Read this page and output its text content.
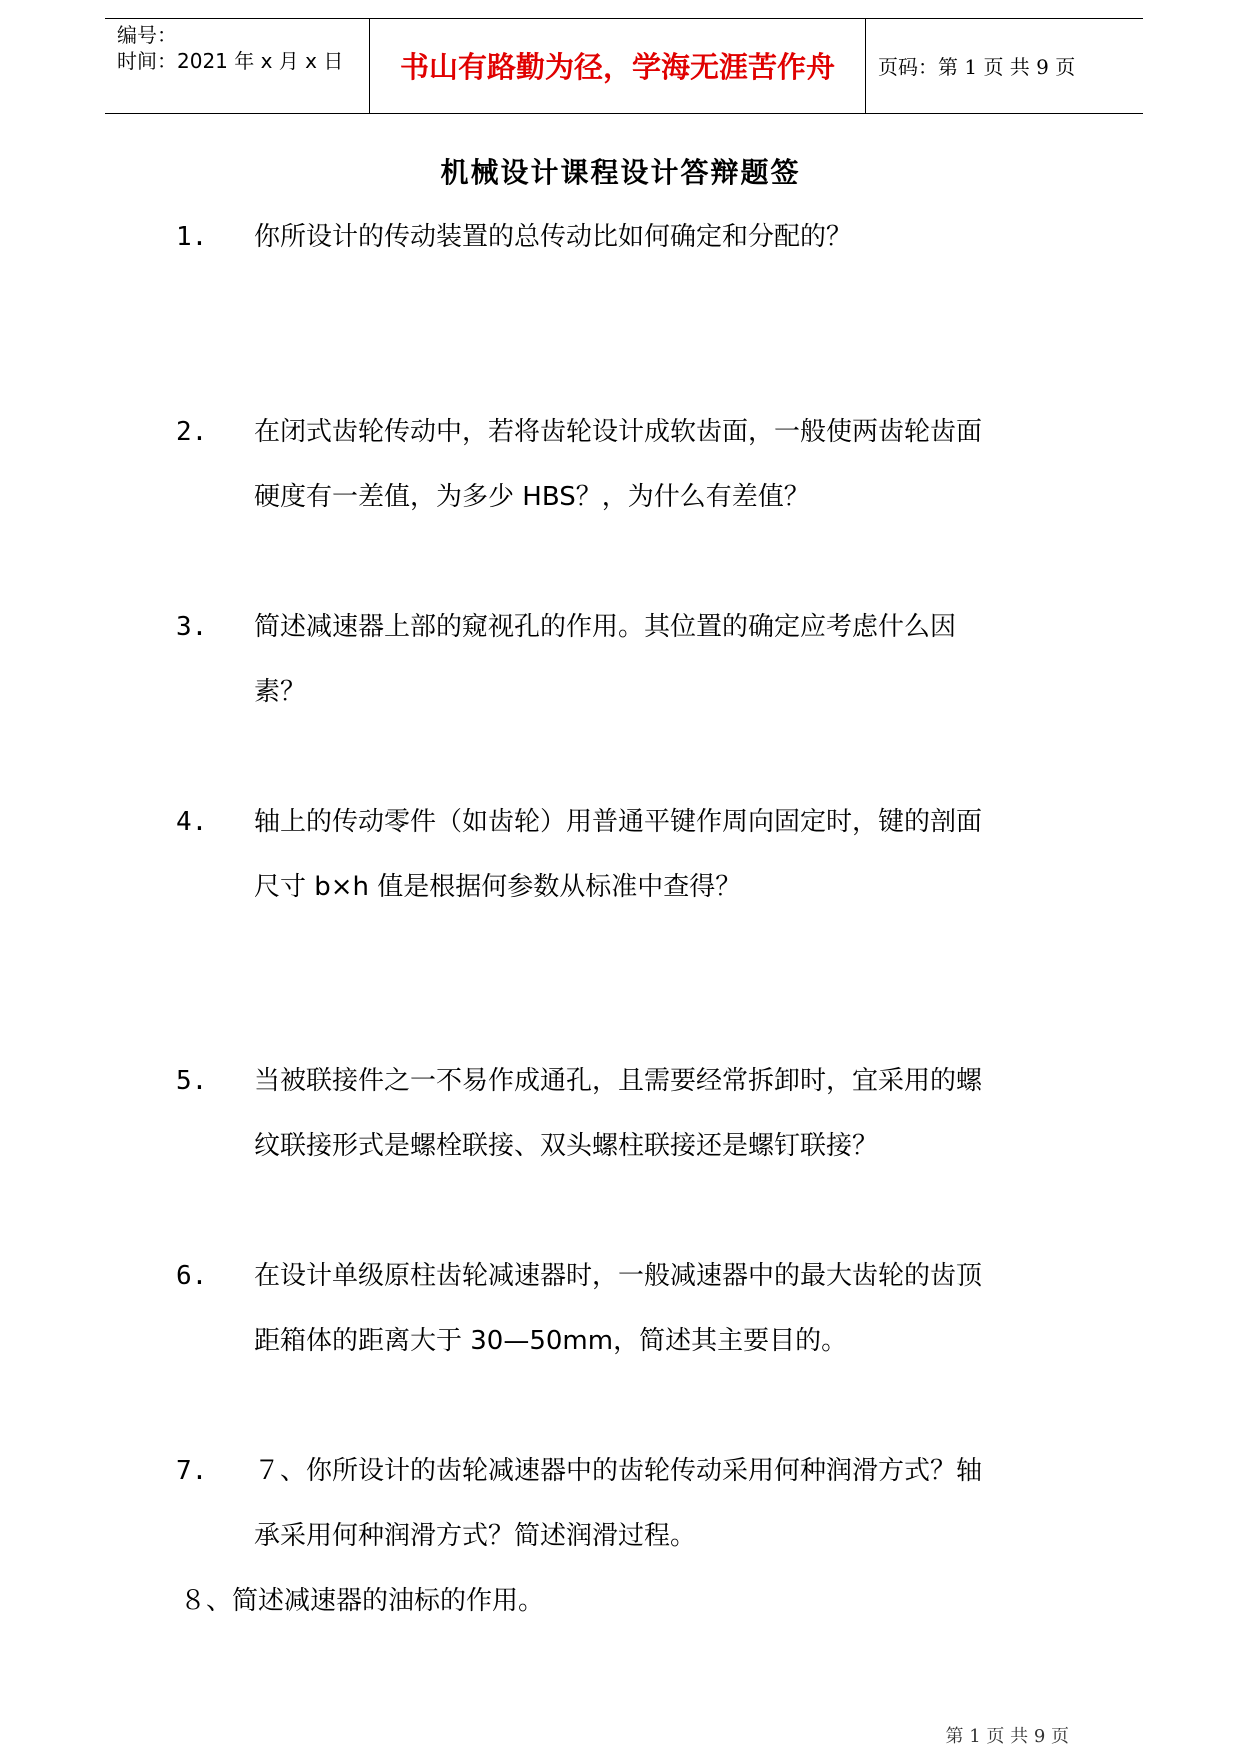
编号：
时间：2021 年 x 月 x 日	书山有路勤为径，学海无涯苦作舟	页码：第 1 页 共 9 页
机械设计课程设计答辩题签
1. 你所设计的传动装置的总传动比如何确定和分配的？
2. 在闭式齿轮传动中，若将齿轮设计成软齿面，一般使两齿轮齿面
硬度有一差值，为多少 HBS？，为什么有差值？
3. 简述减速器上部的窥视孔的作用。其位置的确定应考虑什么因
素？
4. 轴上的传动零件（如齿轮）用普通平键作周向固定时，键的剖面
尺寸 b×h 值是根据何参数从标准中查得？
5. 当被联接件之一不易作成通孔，且需要经常拆卸时，宜采用的螺
纹联接形式是螺栓联接、双头螺柱联接还是螺钉联接？
6. 在设计单级原柱齿轮减速器时，一般减速器中的最大齿轮的齿顶
距箱体的距离大于 30—50mm，简述其主要目的。
7. ７、你所设计的齿轮减速器中的齿轮传动采用何种润滑方式？轴
承采用何种润滑方式？简述润滑过程。
８、简述减速器的油标的作用。
第 1 页 共 9 页
